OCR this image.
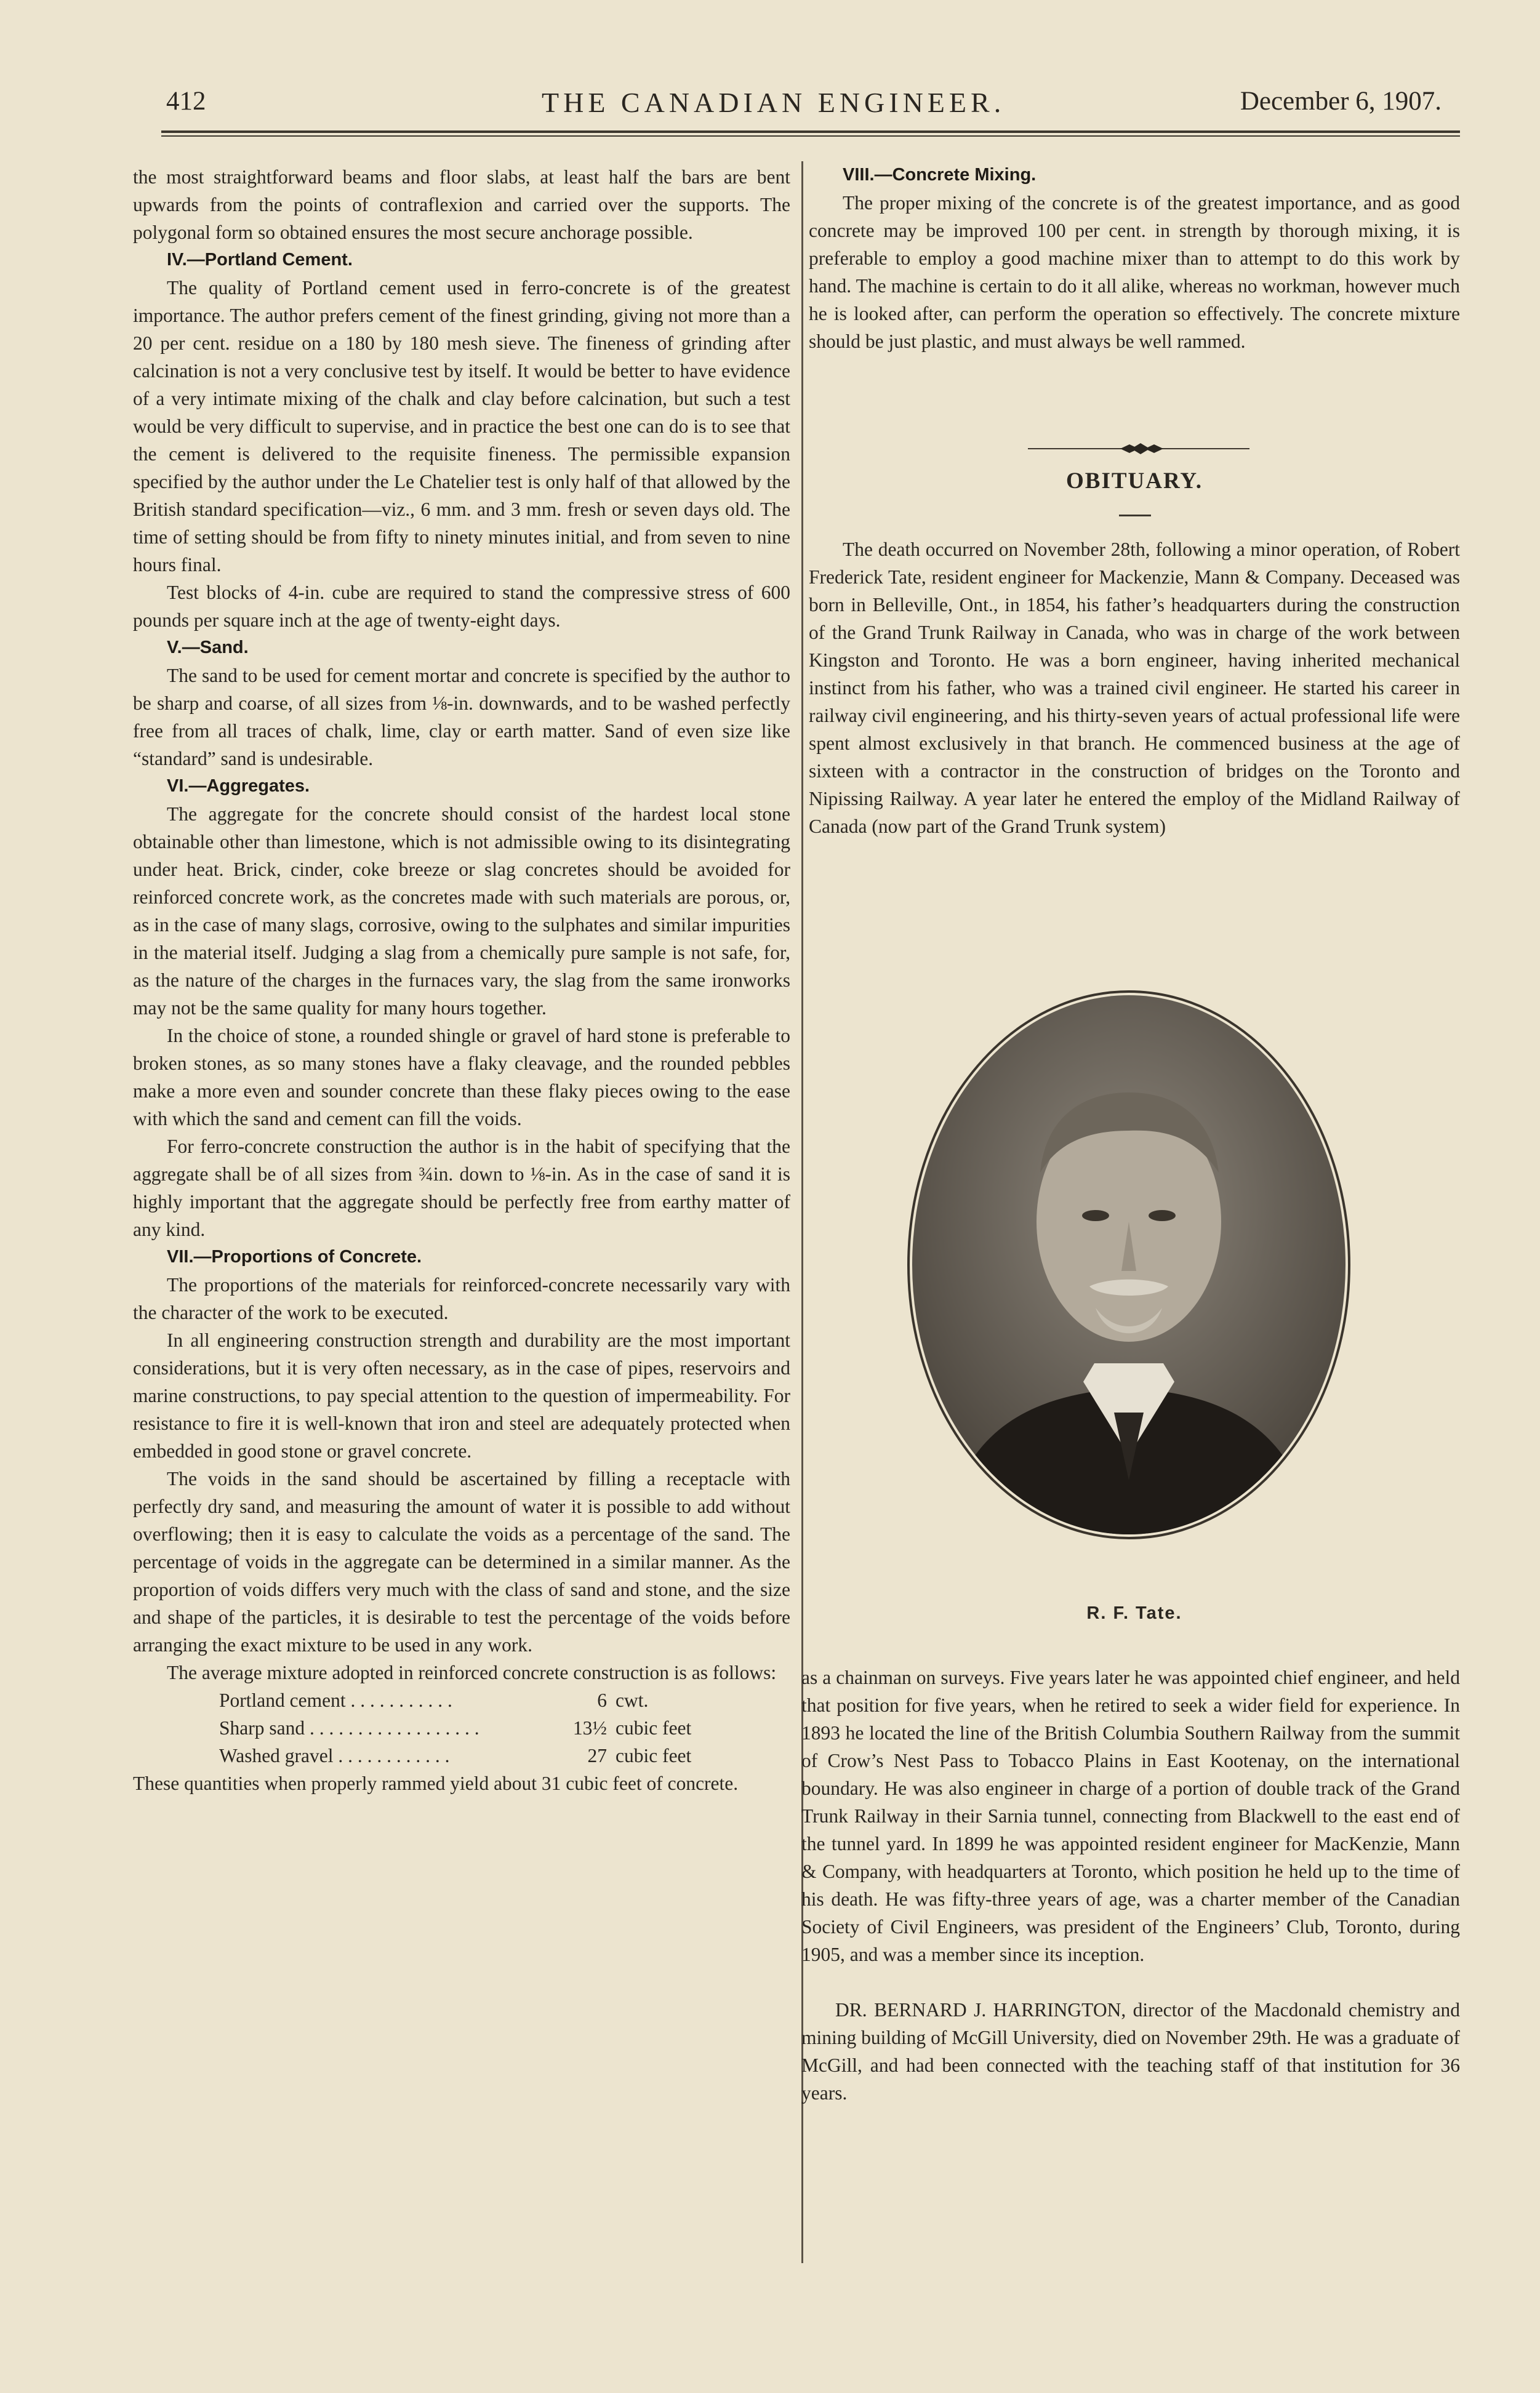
412	THE CANADIAN ENGINEER.	December 6, 1907.

the most straightforward beams and floor slabs, at least half the bars are bent upwards from the points of contraflexion and carried over the supports. The polygonal form so obtained ensures the most secure anchorage possible.

IV.—Portland Cement.

The quality of Portland cement used in ferro-concrete is of the greatest importance. The author prefers cement of the finest grinding, giving not more than a 20 per cent. residue on a 180 by 180 mesh sieve. The fineness of grinding after calcination is not a very conclusive test by itself. It would be better to have evidence of a very intimate mixing of the chalk and clay before calcination, but such a test would be very difficult to supervise, and in practice the best one can do is to see that the cement is delivered to the requisite fineness. The permissible expansion specified by the author under the Le Chatelier test is only half of that allowed by the British standard specification—viz., 6 mm. and 3 mm. fresh or seven days old. The time of setting should be from fifty to ninety minutes initial, and from seven to nine hours final.

Test blocks of 4-in. cube are required to stand the compressive stress of 600 pounds per square inch at the age of twenty-eight days.

V.—Sand.

The sand to be used for cement mortar and concrete is specified by the author to be sharp and coarse, of all sizes from ⅛-in. downwards, and to be washed perfectly free from all traces of chalk, lime, clay or earth matter. Sand of even size like “standard” sand is undesirable.

VI.—Aggregates.

The aggregate for the concrete should consist of the hardest local stone obtainable other than limestone, which is not admissible owing to its disintegrating under heat. Brick, cinder, coke breeze or slag concretes should be avoided for reinforced concrete work, as the concretes made with such materials are porous, or, as in the case of many slags, corrosive, owing to the sulphates and similar impurities in the material itself. Judging a slag from a chemically pure sample is not safe, for, as the nature of the charges in the furnaces vary, the slag from the same ironworks may not be the same quality for many hours together.

In the choice of stone, a rounded shingle or gravel of hard stone is preferable to broken stones, as so many stones have a flaky cleavage, and the rounded pebbles make a more even and sounder concrete than these flaky pieces owing to the ease with which the sand and cement can fill the voids.

For ferro-concrete construction the author is in the habit of specifying that the aggregate shall be of all sizes from ¾in. down to ⅛-in. As in the case of sand it is highly important that the aggregate should be perfectly free from earthy matter of any kind.

VII.—Proportions of Concrete.

The proportions of the materials for reinforced-concrete necessarily vary with the character of the work to be executed.

In all engineering construction strength and durability are the most important considerations, but it is very often necessary, as in the case of pipes, reservoirs and marine constructions, to pay special attention to the question of impermeability. For resistance to fire it is well-known that iron and steel are adequately protected when embedded in good stone or gravel concrete.

The voids in the sand should be ascertained by filling a receptacle with perfectly dry sand, and measuring the amount of water it is possible to add without overflowing; then it is easy to calculate the voids as a percentage of the sand. The percentage of voids in the aggregate can be determined in a similar manner. As the proportion of voids differs very much with the class of sand and stone, and the size and shape of the particles, it is desirable to test the percentage of the voids before arranging the exact mixture to be used in any work.

The average mixture adopted in reinforced concrete construction is as follows:

Portland cement . . . . . . . . . . .	6 cwt.
Sharp sand . . . . . . . . . . . . . . . . . .	13½ cubic feet
Washed gravel . . . . . . . . . . . .	27 cubic feet

These quantities when properly rammed yield about 31 cubic feet of concrete.

VIII.—Concrete Mixing.

The proper mixing of the concrete is of the greatest importance, and as good concrete may be improved 100 per cent. in strength by thorough mixing, it is preferable to employ a good machine mixer than to attempt to do this work by hand. The machine is certain to do it all alike, whereas no workman, however much he is looked after, can perform the operation so effectively. The concrete mixture should be just plastic, and must always be well rammed.

OBITUARY.

The death occurred on November 28th, following a minor operation, of Robert Frederick Tate, resident engineer for Mackenzie, Mann & Company. Deceased was born in Belleville, Ont., in 1854, his father’s headquarters during the construction of the Grand Trunk Railway in Canada, who was in charge of the work between Kingston and Toronto. He was a born engineer, having inherited mechanical instinct from his father, who was a trained civil engineer. He started his career in railway civil engineering, and his thirty-seven years of actual professional life were spent almost exclusively in that branch. He commenced business at the age of sixteen with a contractor in the construction of bridges on the Toronto and Nipissing Railway. A year later he entered the employ of the Midland Railway of Canada (now part of the Grand Trunk system)

R. F. Tate.

as a chainman on surveys. Five years later he was appointed chief engineer, and held that position for five years, when he retired to seek a wider field for experience. In 1893 he located the line of the British Columbia Southern Railway from the summit of Crow’s Nest Pass to Tobacco Plains in East Kootenay, on the international boundary. He was also engineer in charge of a portion of double track of the Grand Trunk Railway in their Sarnia tunnel, connecting from Blackwell to the east end of the tunnel yard. In 1899 he was appointed resident engineer for MacKenzie, Mann & Company, with headquarters at Toronto, which position he held up to the time of his death. He was fifty-three years of age, was a charter member of the Canadian Society of Civil Engineers, was president of the Engineers’ Club, Toronto, during 1905, and was a member since its inception.

DR. BERNARD J. HARRINGTON, director of the Macdonald chemistry and mining building of McGill University, died on November 29th. He was a graduate of McGill, and had been connected with the teaching staff of that institution for 36 years.
